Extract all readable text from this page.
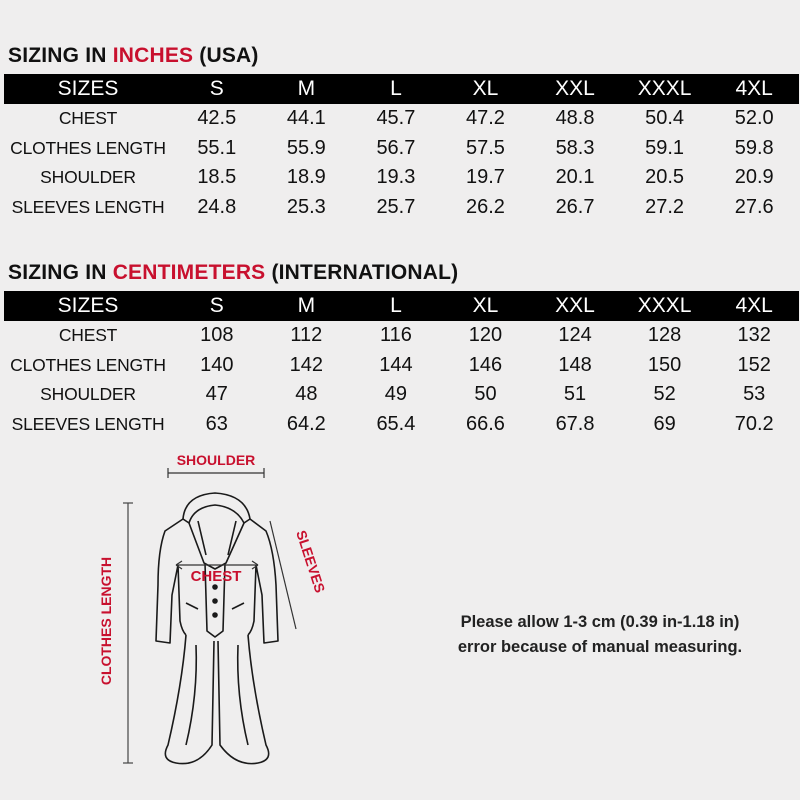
SIZING IN INCHES (USA)
SIZES	S	M	L	XL	XXL	XXXL	4XL
CHEST	42.5	44.1	45.7	47.2	48.8	50.4	52.0
CLOTHES LENGTH	55.1	55.9	56.7	57.5	58.3	59.1	59.8
SHOULDER	18.5	18.9	19.3	19.7	20.1	20.5	20.9
SLEEVES LENGTH	24.8	25.3	25.7	26.2	26.7	27.2	27.6
SIZING IN CENTIMETERS (INTERNATIONAL)
SIZES	S	M	L	XL	XXL	XXXL	4XL
CHEST	108	112	116	120	124	128	132
CLOTHES LENGTH	140	142	144	146	148	150	152
SHOULDER	47	48	49	50	51	52	53
SLEEVES LENGTH	63	64.2	65.4	66.6	67.8	69	70.2
SHOULDER
CLOTHES LENGTH	CHEST	SLEEVES
Please allow 1-3 cm (0.39 in-1.18 in)
error because of manual measuring.
